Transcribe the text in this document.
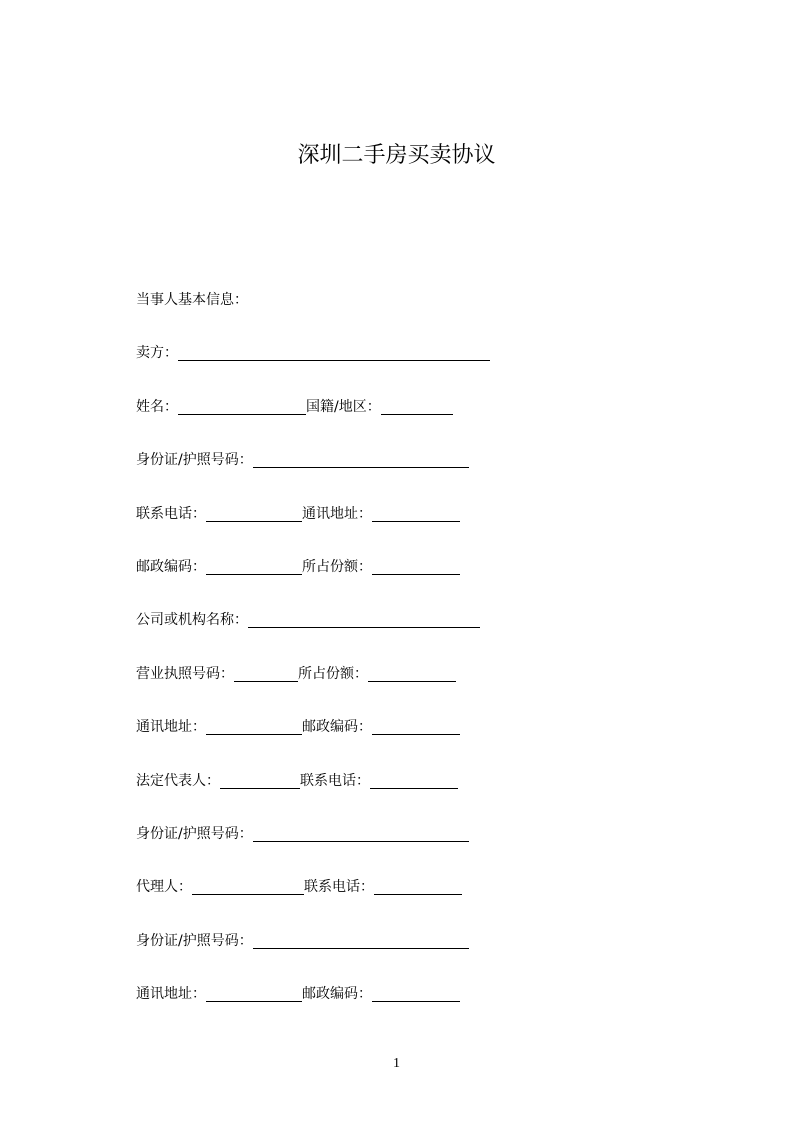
深圳二手房买卖协议
当事人基本信息：
卖方：
姓名：	国籍/地区：
身份证/护照号码：
联系电话：	通讯地址：
邮政编码：	所占份额：
公司或机构名称：
营业执照号码：	所占份额：
通讯地址：	邮政编码：
法定代表人：	联系电话：
身份证/护照号码：
代理人：	联系电话：
身份证/护照号码：
通讯地址：	邮政编码：
1
